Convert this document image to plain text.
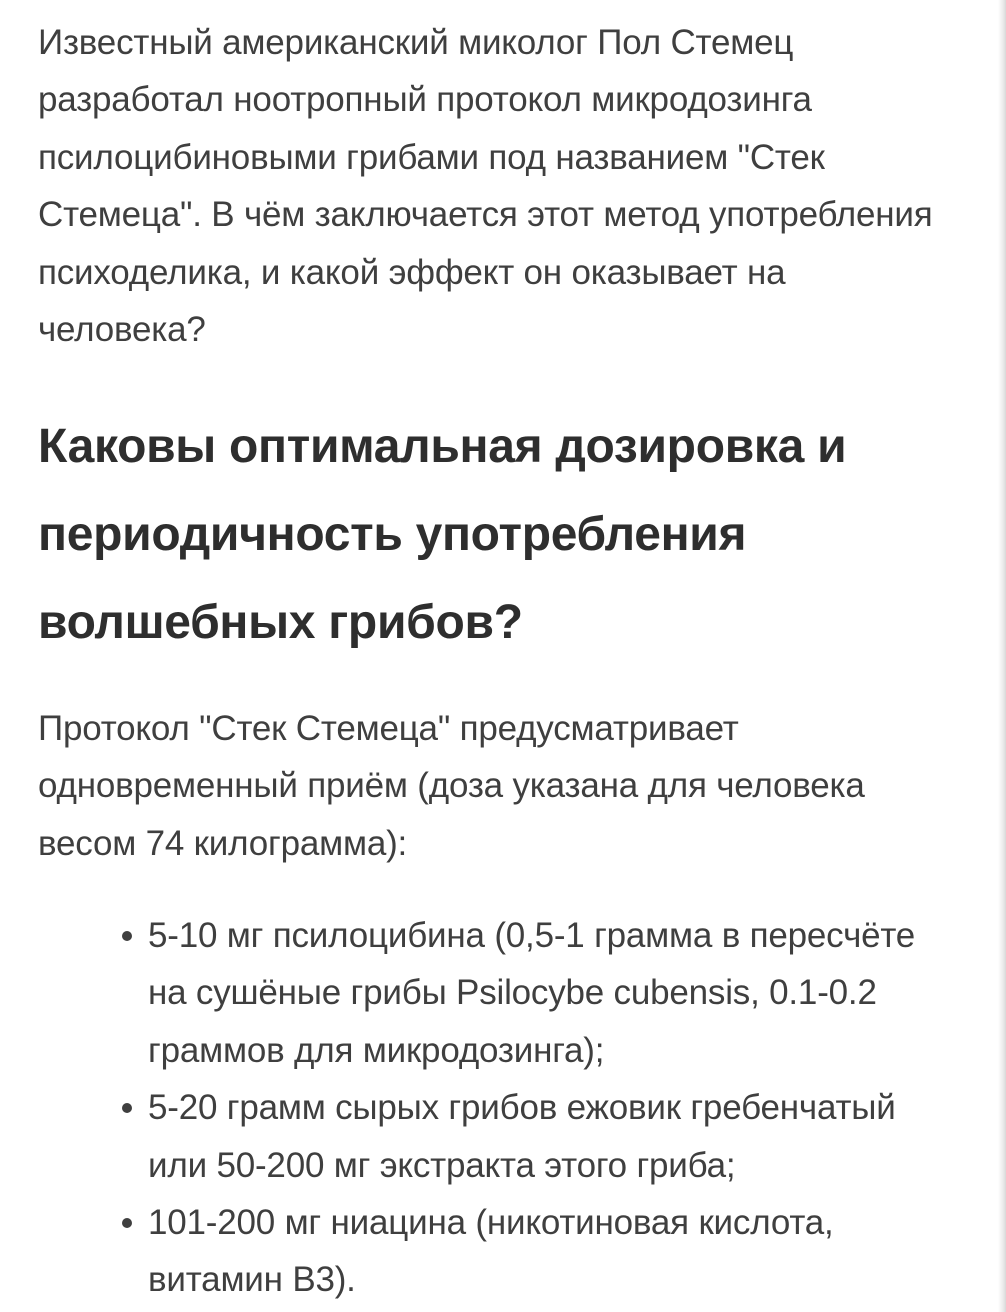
Известный американский миколог Пол Стемец разработал ноотропный протокол микродозинга псилоцибиновыми грибами под названием "Стек Стемеца". В чём заключается этот метод употребления психоделика, и какой эффект он оказывает на человека?

Каковы оптимальная дозировка и периодичность употребления волшебных грибов?

Протокол "Стек Стемеца" предусматривает одновременный приём (доза указана для человека весом 74 килограмма):

5-10 мг псилоцибина (0,5-1 грамма в пересчёте на сушёные грибы Psilocybe cubensis, 0.1-0.2 граммов для микродозинга);
5-20 грамм сырых грибов ежовик гребенчатый или 50-200 мг экстракта этого гриба;
101-200 мг ниацина (никотиновая кислота, витамин B3).
